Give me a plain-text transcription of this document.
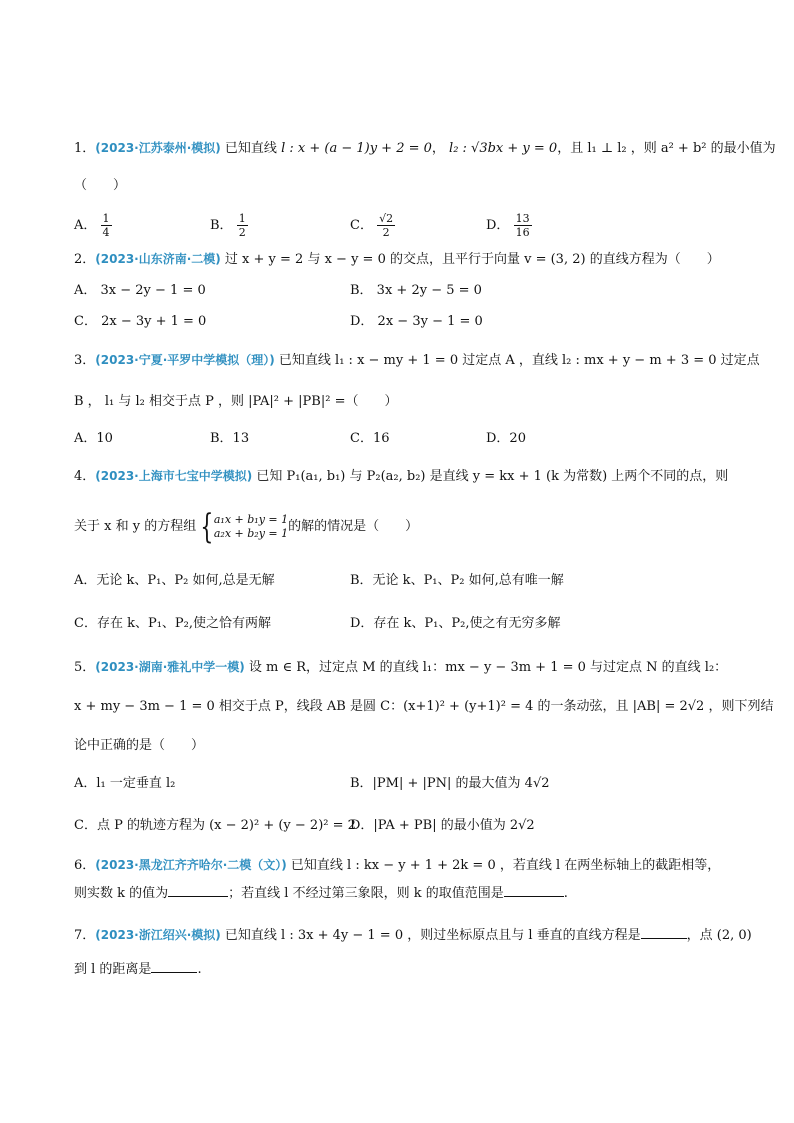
1．(2023·江苏泰州·模拟) 已知直线 l : x + (a − 1)y + 2 = 0， l₂ : √3bx + y = 0，且 l₁ ⊥ l₂ ，则 a² + b² 的最小值为
（　　）
A． $\frac{1}{4}$	B． $\frac{1}{2}$	C． $\frac{√2}{2}$	D． $\frac{13}{16}$
2．(2023·山东济南·二模) 过 x + y = 2 与 x − y = 0 的交点，且平行于向量 v = (3, 2) 的直线方程为（　　）
A． 3x − 2y − 1 = 0	B． 3x + 2y − 5 = 0
C． 2x − 3y + 1 = 0	D． 2x − 3y − 1 = 0
3．(2023·宁夏·平罗中学模拟（理）) 已知直线 l₁ : x − my + 1 = 0 过定点 A ，直线 l₂ : mx + y − m + 3 = 0 过定点
B ， l₁ 与 l₂ 相交于点 P ，则 |PA|² + |PB|² =（　　）
A．10	B．13	C．16	D．20
4．(2023·上海市七宝中学模拟) 已知 P₁(a₁, b₁) 与 P₂(a₂, b₂) 是直线 y = kx + 1 (k 为常数) 上两个不同的点，则
关于 x 和 y 的方程组 { a₁x + b₁y = 1
a₂x + b₂y = 1 的解的情况是（　　）
A．无论 k、P₁、P₂ 如何,总是无解	B．无论 k、P₁、P₂ 如何,总有唯一解
C．存在 k、P₁、P₂,使之恰有两解	D．存在 k、P₁、P₂,使之有无穷多解
5．(2023·湖南·雅礼中学一模) 设 m ∈ R，过定点 M 的直线 l₁：mx − y − 3m + 1 = 0 与过定点 N 的直线 l₂：
x + my − 3m − 1 = 0 相交于点 P，线段 AB 是圆 C：(x+1)² + (y+1)² = 4 的一条动弦，且 |AB| = 2√2 ，则下列结
论中正确的是（　　）
A．l₁ 一定垂直 l₂	B．|PM| + |PN| 的最大值为 4√2
C．点 P 的轨迹方程为 (x − 2)² + (y − 2)² = 2
D．|PA + PB| 的最小值为 2√2
6．(2023·黑龙江齐齐哈尔·二模（文）) 已知直线 l : kx − y + 1 + 2k = 0 ，若直线 l 在两坐标轴上的截距相等，
则实数 k 的值为	；若直线 l 不经过第三象限，则 k 的取值范围是	.
7．(2023·浙江绍兴·模拟) 已知直线 l : 3x + 4y − 1 = 0 ，则过坐标原点且与 l 垂直的直线方程是	，点 (2, 0)
到 l 的距离是	.
